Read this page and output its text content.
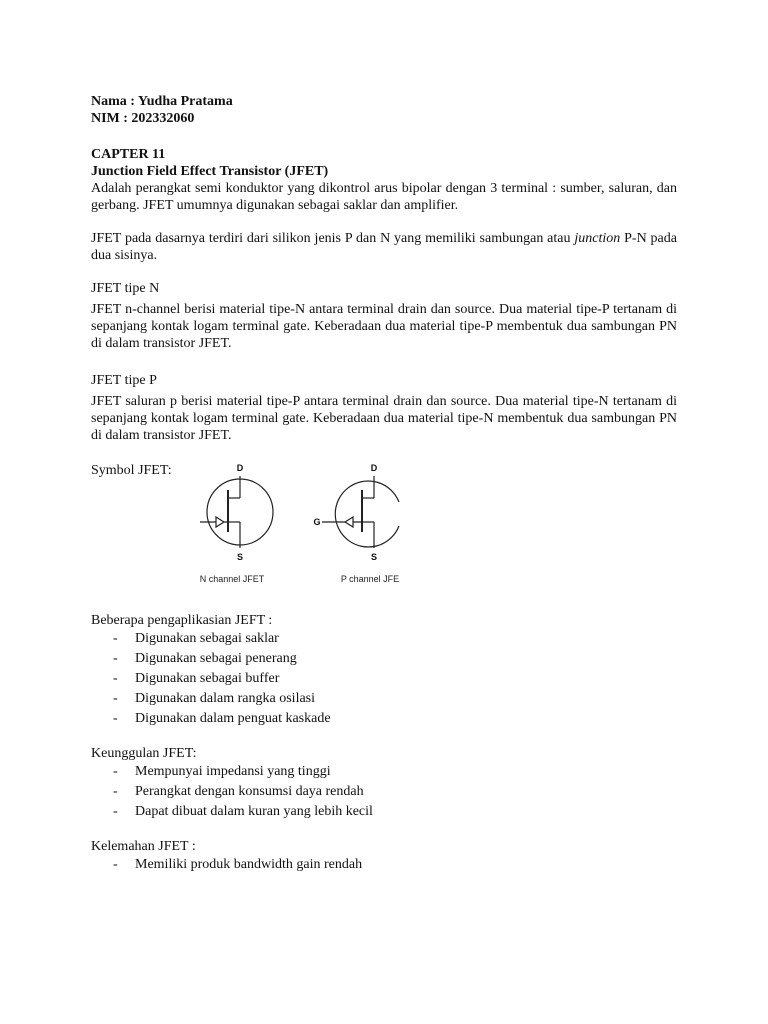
Nama : Yudha Pratama
NIM : 202332060
CAPTER 11
Junction Field Effect Transistor (JFET)

Adalah perangkat semi konduktor yang dikontrol arus bipolar dengan 3 terminal : sumber, saluran, dan gerbang. JFET umumnya digunakan sebagai saklar dan amplifier.

JFET pada dasarnya terdiri dari silikon jenis P dan N yang memiliki sambungan atau junction P-N pada dua sisinya.

JFET tipe N

JFET n-channel berisi material tipe-N antara terminal drain dan source. Dua material tipe-P tertanam di sepanjang kontak logam terminal gate. Keberadaan dua material tipe-P membentuk dua sambungan PN di dalam transistor JFET.

JFET tipe P

JFET saluran p berisi material tipe-P antara terminal drain dan source. Dua material tipe-N tertanam di sepanjang kontak logam terminal gate. Keberadaan dua material tipe-N membentuk dua sambungan PN di dalam transistor JFET.

Symbol JFET:	D
S
N channel JFET
D
G
S
P channel JFE
Beberapa pengaplikasian JEFT :
- Digunakan sebagai saklar
- Digunakan sebagai penerang
- Digunakan sebagai buffer
- Digunakan dalam rangka osilasi
- Digunakan dalam penguat kaskade
Keunggulan JFET:
- Mempunyai impedansi yang tinggi
- Perangkat dengan konsumsi daya rendah
- Dapat dibuat dalam kuran yang lebih kecil
Kelemahan JFET :
- Memiliki produk bandwidth gain rendah
